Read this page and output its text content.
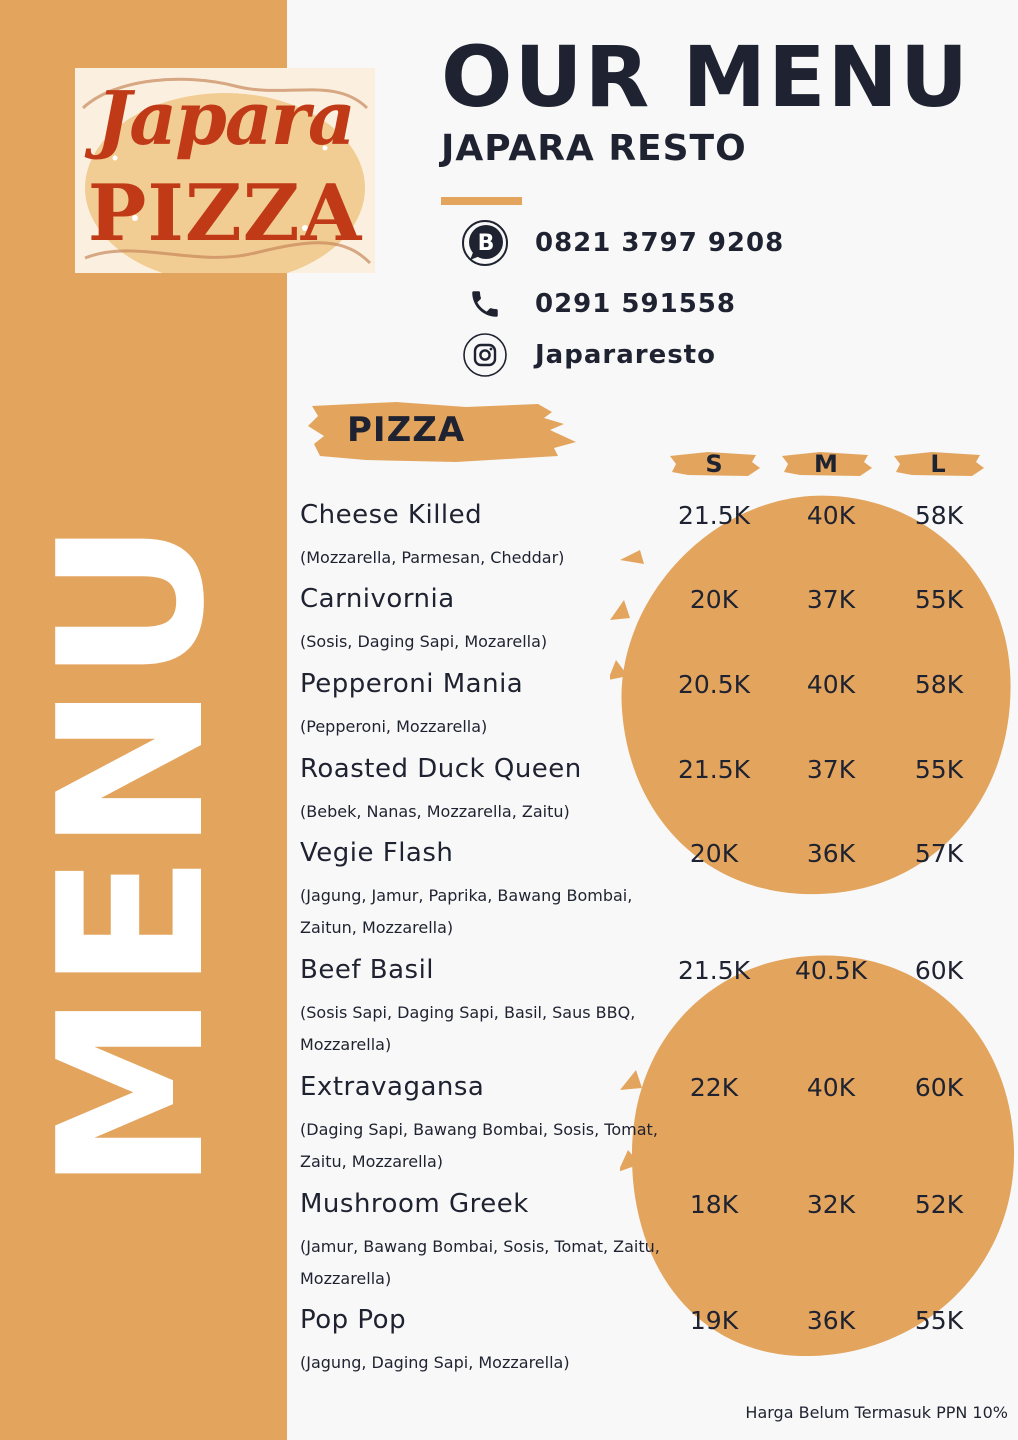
MENU
Japara
PIZZA
OUR MENU
JAPARA RESTO
B 0821 3797 9208
0291 591558
Japararesto
PIZZA
S	M	L
Cheese Killed
(Mozzarella, Parmesan, Cheddar)
21.5K	40K	58K
Carnivornia
(Sosis, Daging Sapi, Mozarella)
20K	37K	55K
Pepperoni Mania
(Pepperoni, Mozzarella)
20.5K	40K	58K
Roasted Duck Queen
(Bebek, Nanas, Mozzarella, Zaitu)
21.5K	37K	55K
Vegie Flash
(Jagung, Jamur, Paprika, Bawang Bombai, Zaitun, Mozzarella)
20K	36K	57K
Beef Basil
(Sosis Sapi, Daging Sapi, Basil, Saus BBQ, Mozzarella)
21.5K	40.5K	60K
Extravagansa
(Daging Sapi, Bawang Bombai, Sosis, Tomat, Zaitu, Mozzarella)
22K	40K	60K
Mushroom Greek
(Jamur, Bawang Bombai, Sosis, Tomat, Zaitu, Mozzarella)
18K	32K	52K
Pop Pop
(Jagung, Daging Sapi, Mozzarella)
19K	36K	55K
Harga Belum Termasuk PPN 10%
